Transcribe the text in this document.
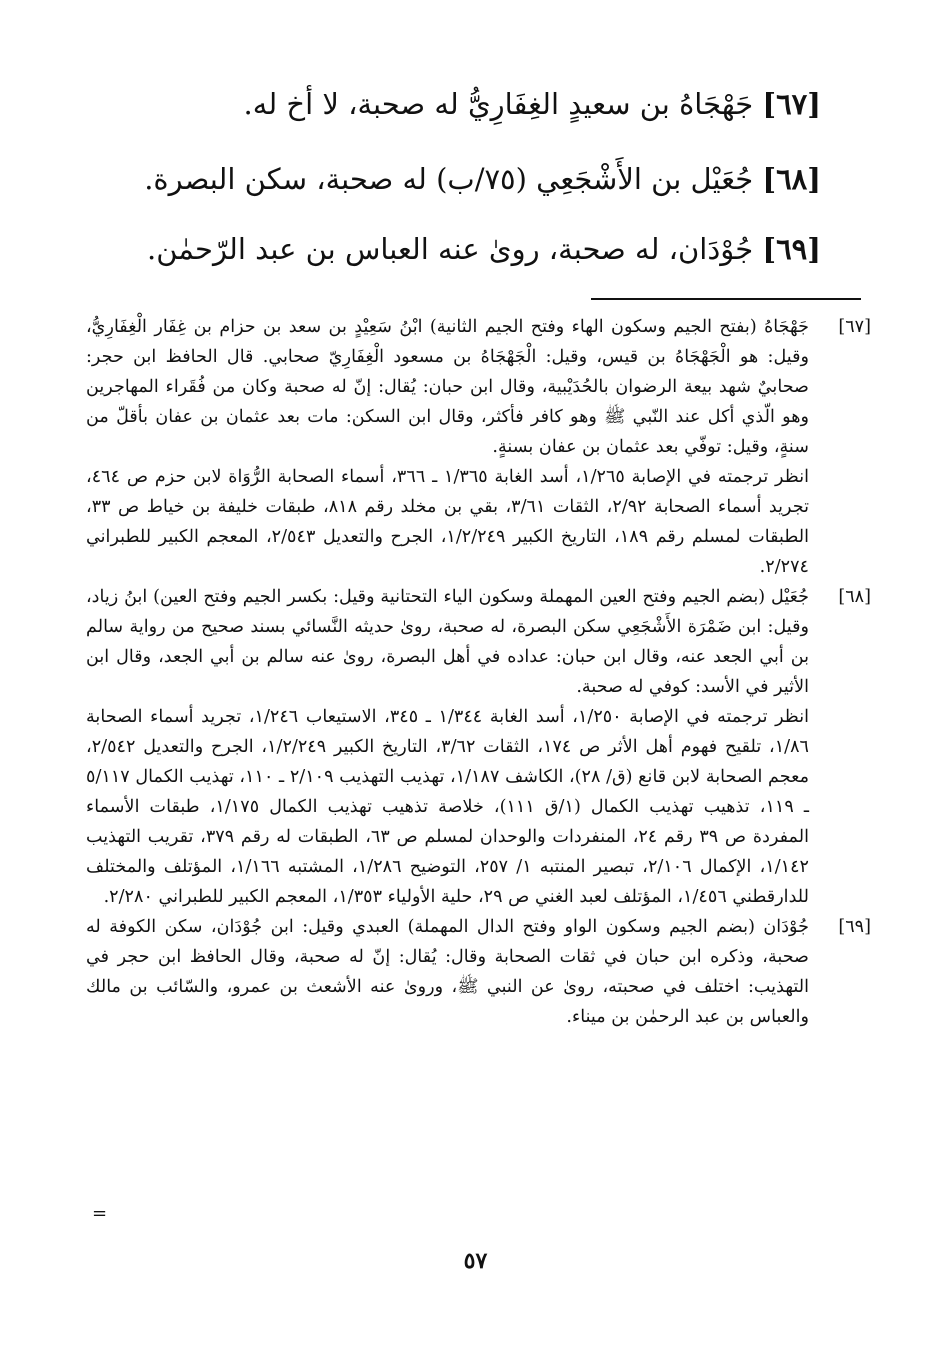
[٦٧] جَهْجَاهُ بن سعيدٍ الغِفَارِيُّ له صحبة، لا أخ له.
[٦٨] جُعَيْل بن الأَشْجَعِي (٧٥/ب) له صحبة، سكن البصرة.
[٦٩] جُوْدَان، له صحبة، روىٰ عنه العباس بن عبد الرّحمٰن.
[٦٧]

جَهْجَاهُ (بفتح الجيم وسكون الهاء وفتح الجيم الثانية) ابْنُ سَعِيْدٍ بن سعد بن حزام بن غِفَار الْغِفَارِيُّ، وقيل: هو الْجَهْجَاهُ بن قيس، وقيل: الْجَهْجَاهُ بن مسعود الْغِفَارِيّ صحابي. قال الحافظ ابن حجر: صحابيٌ شهد بيعة الرضوان بالحُدَيْبية، وقال ابن حبان: يُقال: إنّ له صحبة وكان من فُقَراء المهاجرين وهو الّذي أكل عند النّبي ﷺ وهو كافر فأكثر، وقال ابن السكن: مات بعد عثمان بن عفان بأقلّ من سنةٍ، وقيل: توفّي بعد عثمان بن عفان بسنةٍ.

انظر ترجمته في الإصابة ١/٢٦٥، أسد الغابة ١/٣٦٥ ـ ٣٦٦، أسماء الصحابة الرُّوَاة لابن حزم ص ٤٦٤، تجريد أسماء الصحابة ٢/٩٢، الثقات ٣/٦١، بقي بن مخلد رقم ٨١٨، طبقات خليفة بن خياط ص ٣٣، الطبقات لمسلم رقم ١٨٩، التاريخ الكبير ١/٢/٢٤٩، الجرح والتعديل ٢/٥٤٣، المعجم الكبير للطبراني ٢/٢٧٤.

[٦٨]

جُعَيْل (بضم الجيم وفتح العين المهملة وسكون الياء التحتانية وقيل: بكسر الجيم وفتح العين) ابنُ زياد، وقيل: ابن ضَمْرَة الأَشْجَعِي سكن البصرة، له صحبة، روىٰ حديثه النَّسائي بسند صحيح من رواية سالم بن أبي الجعد عنه، وقال ابن حبان: عداده في أهل البصرة، روىٰ عنه سالم بن أبي الجعد، وقال ابن الأثير في الأسد: كوفي له صحبة.

انظر ترجمته في الإصابة ١/٢٥٠، أسد الغابة ١/٣٤٤ ـ ٣٤٥، الاستيعاب ١/٢٤٦، تجريد أسماء الصحابة ١/٨٦، تلقيح فهوم أهل الأثر ص ١٧٤، الثقات ٣/٦٢، التاريخ الكبير ١/٢/٢٤٩، الجرح والتعديل ٢/٥٤٢، معجم الصحابة لابن قانع (ق/ ٢٨)، الكاشف ١/١٨٧، تهذيب التهذيب ٢/١٠٩ ـ ١١٠، تهذيب الكمال ٥/١١٧ ـ ١١٩، تذهيب تهذيب الكمال (١/ق ١١١)، خلاصة تذهيب تهذيب الكمال ١/١٧٥، طبقات الأسماء المفردة ص ٣٩ رقم ٢٤، المنفردات والوحدان لمسلم ص ٦٣، الطبقات له رقم ٣٧٩، تقريب التهذيب ١/١٤٢، الإكمال ٢/١٠٦، تبصير المنتبه ١/ ٢٥٧، التوضيح ١/٢٨٦، المشتبه ١/١٦٦، المؤتلف والمختلف للدارقطني ١/٤٥٦، المؤتلف لعبد الغني ص ٢٩، حلية الأولياء ١/٣٥٣، المعجم الكبير للطبراني ٢/٢٨٠.

[٦٩]

جُوْدَان (بضم الجيم وسكون الواو وفتح الدال المهملة) العبدي وقيل: ابن جُوْدَان، سكن الكوفة له صحبة، وذكره ابن حبان في ثقات الصحابة وقال: يُقال: إنّ له صحبة، وقال الحافظ ابن حجر في التهذيب: اختلف في صحبته، روىٰ عن النبي ﷺ، وروىٰ عنه الأشعث بن عمرو، والسّائب بن مالك والعباس بن عبد الرحمٰن بن ميناء.

=
٥٧
